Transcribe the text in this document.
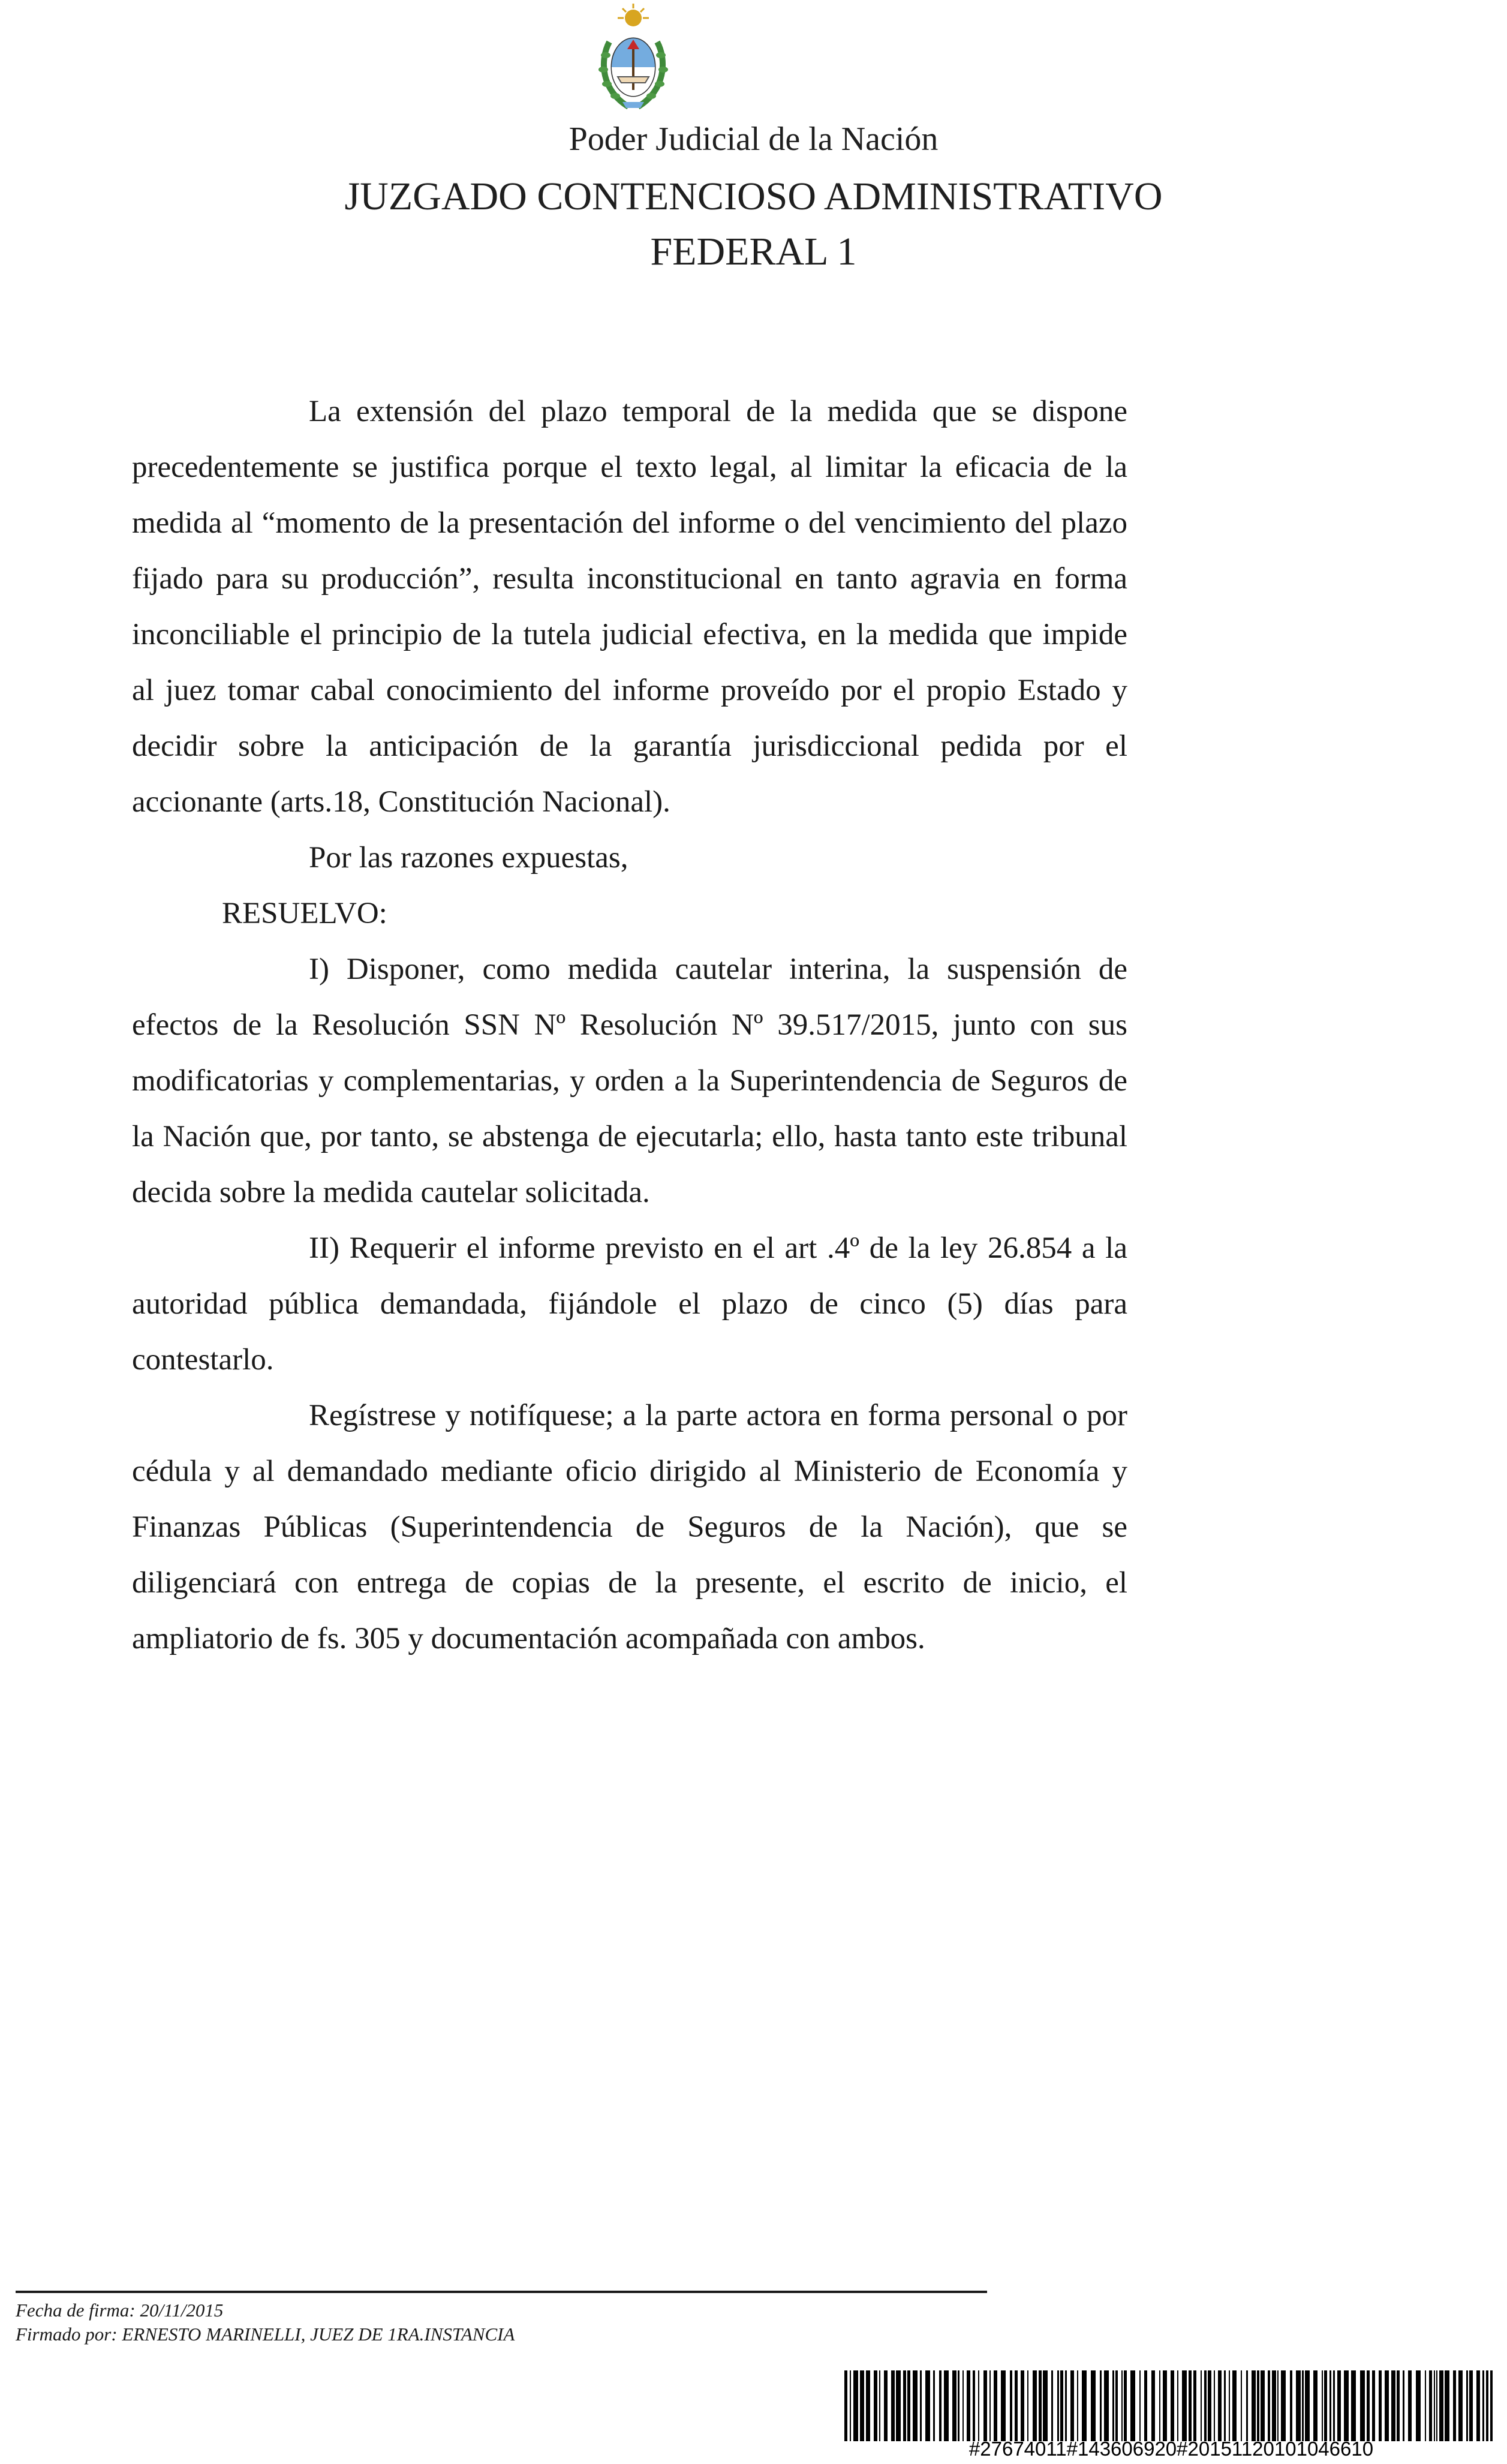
Poder Judicial de la Nación
JUZGADO CONTENCIOSO ADMINISTRATIVO
FEDERAL 1

La extensión del plazo temporal de la medida que se dispone precedentemente se justifica porque el texto legal, al limitar la eficacia de la medida al “momento de la presentación del informe o del vencimiento del plazo fijado para su producción”, resulta inconstitucional en tanto agravia en forma inconciliable el principio de la tutela judicial efectiva, en la medida que impide al juez tomar cabal conocimiento del informe proveído por el propio Estado y decidir sobre la anticipación de la garantía jurisdiccional pedida por el accionante (arts.18, Constitución Nacional).

Por las razones expuestas,

RESUELVO:

I) Disponer, como medida cautelar interina, la suspensión de efectos de la Resolución SSN Nº Resolución Nº 39.517/2015, junto con sus modificatorias y complementarias, y orden a la Superintendencia de Seguros de la Nación que, por tanto, se abstenga de ejecutarla; ello, hasta tanto este tribunal decida sobre la medida cautelar solicitada.

II) Requerir el informe previsto en el art .4º de la ley 26.854 a la autoridad pública demandada, fijándole el plazo de cinco (5) días para contestarlo.

Regístrese y notifíquese; a la parte actora en forma personal o por cédula y al demandado mediante oficio dirigido al Ministerio de Economía y Finanzas Públicas (Superintendencia de Seguros de la Nación), que se diligenciará con entrega de copias de la presente, el escrito de inicio, el ampliatorio de fs. 305 y documentación acompañada con ambos.

Fecha de firma: 20/11/2015
Firmado por: ERNESTO MARINELLI, JUEZ DE 1RA.INSTANCIA
#27674011#143606920#20151120101046610
